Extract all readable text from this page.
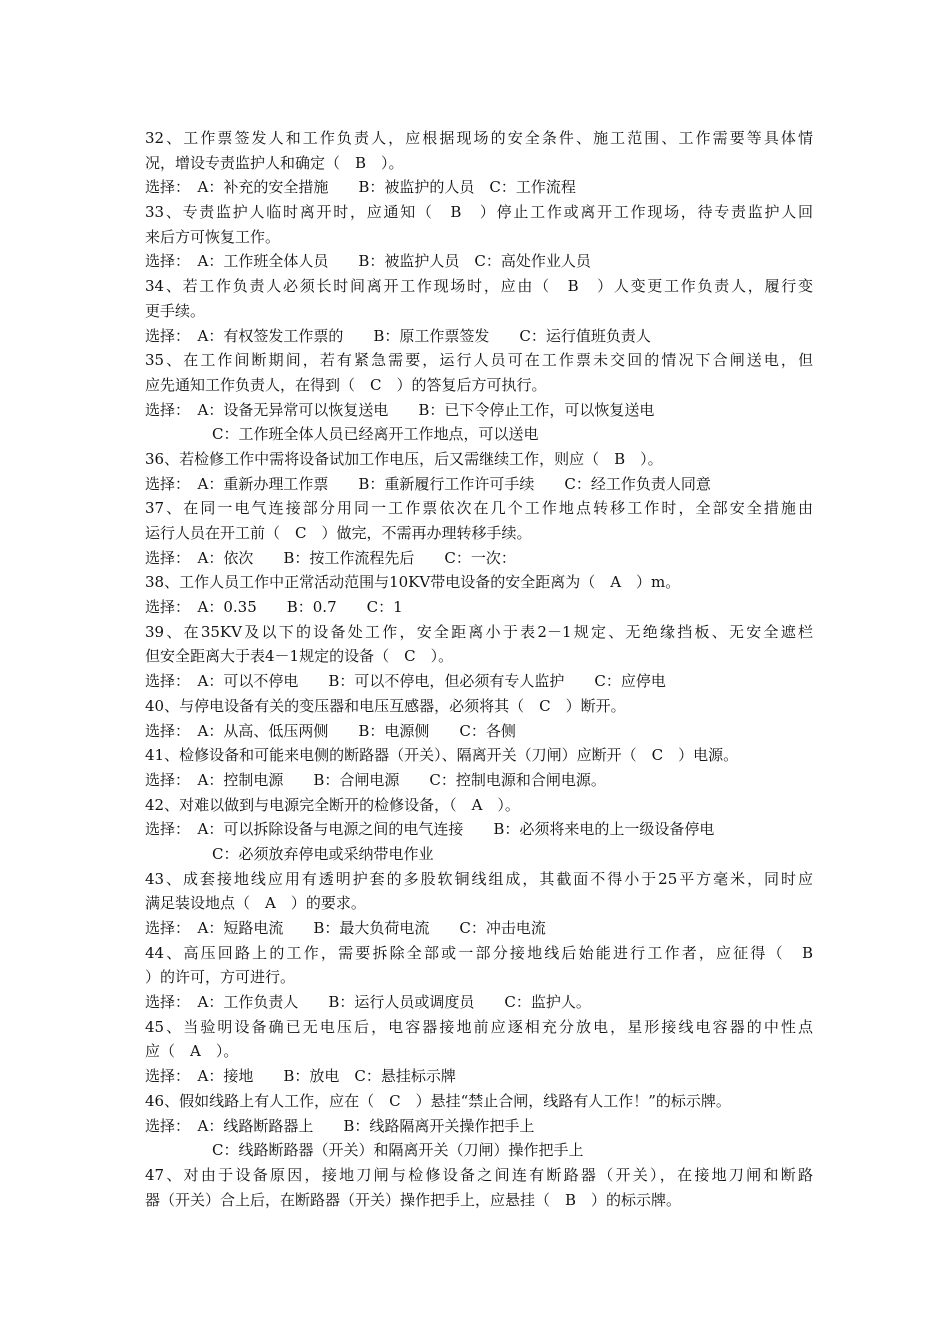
32、工作票签发人和工作负责人，应根据现场的安全条件、施工范围、工作需要等具体情
况，增设专责监护人和确定（　B　）。
选择：　A：补充的安全措施　　B：被监护的人员　C：工作流程
33、专责监护人临时离开时，应通知（　B　）停止工作或离开工作现场，待专责监护人回
来后方可恢复工作。
选择：　A：工作班全体人员　　B：被监护人员　C：高处作业人员
34、若工作负责人必须长时间离开工作现场时，应由（　B　）人变更工作负责人，履行变
更手续。
选择：　A：有权签发工作票的　　B：原工作票签发　　C：运行值班负责人
35、在工作间断期间，若有紧急需要，运行人员可在工作票未交回的情况下合闸送电，但
应先通知工作负责人，在得到（　C　）的答复后方可执行。
选择：　A：设备无异常可以恢复送电　　B：已下令停止工作，可以恢复送电
C：工作班全体人员已经离开工作地点，可以送电
36、若检修工作中需将设备试加工作电压，后又需继续工作，则应（　B　）。
选择：　A：重新办理工作票　　B：重新履行工作许可手续　　C：经工作负责人同意
37、在同一电气连接部分用同一工作票依次在几个工作地点转移工作时，全部安全措施由
运行人员在开工前（　C　）做完，不需再办理转移手续。
选择：　A：依次　　B：按工作流程先后　　C：一次：
38、工作人员工作中正常活动范围与10KV带电设备的安全距离为（　A　）m。
选择：　A：0.35　　B：0.7　　C：1
39、在35KV及以下的设备处工作，安全距离小于表2－1规定、无绝缘挡板、无安全遮栏
但安全距离大于表4－1规定的设备（　C　）。
选择：　A：可以不停电　　B：可以不停电，但必须有专人监护　　C：应停电
40、与停电设备有关的变压器和电压互感器，必须将其（　C　）断开。
选择：　A：从高、低压两侧　　B：电源侧　　C：各侧
41、检修设备和可能来电侧的断路器（开关）、隔离开关（刀闸）应断开（　C　）电源。
选择：　A：控制电源　　B：合闸电源　　C：控制电源和合闸电源。
42、对难以做到与电源完全断开的检修设备，（　A　）。
选择：　A：可以拆除设备与电源之间的电气连接　　B：必须将来电的上一级设备停电
C：必须放弃停电或采纳带电作业
43、成套接地线应用有透明护套的多股软铜线组成，其截面不得小于25平方毫米，同时应
满足装设地点（　A　）的要求。
选择：　A：短路电流　　B：最大负荷电流　　C：冲击电流
44、高压回路上的工作，需要拆除全部或一部分接地线后始能进行工作者，应征得（　B
）的许可，方可进行。
选择：　A：工作负责人　　B：运行人员或调度员　　C：监护人。
45、当验明设备确已无电压后，电容器接地前应逐相充分放电，星形接线电容器的中性点
应（　A　）。
选择：　A：接地　　B：放电　C：悬挂标示牌
46、假如线路上有人工作，应在（　C　）悬挂“禁止合闸，线路有人工作！”的标示牌。
选择：　A：线路断路器上　　B：线路隔离开关操作把手上
C：线路断路器（开关）和隔离开关（刀闸）操作把手上
47、对由于设备原因，接地刀闸与检修设备之间连有断路器（开关），在接地刀闸和断路
器（开关）合上后，在断路器（开关）操作把手上，应悬挂（　B　）的标示牌。
